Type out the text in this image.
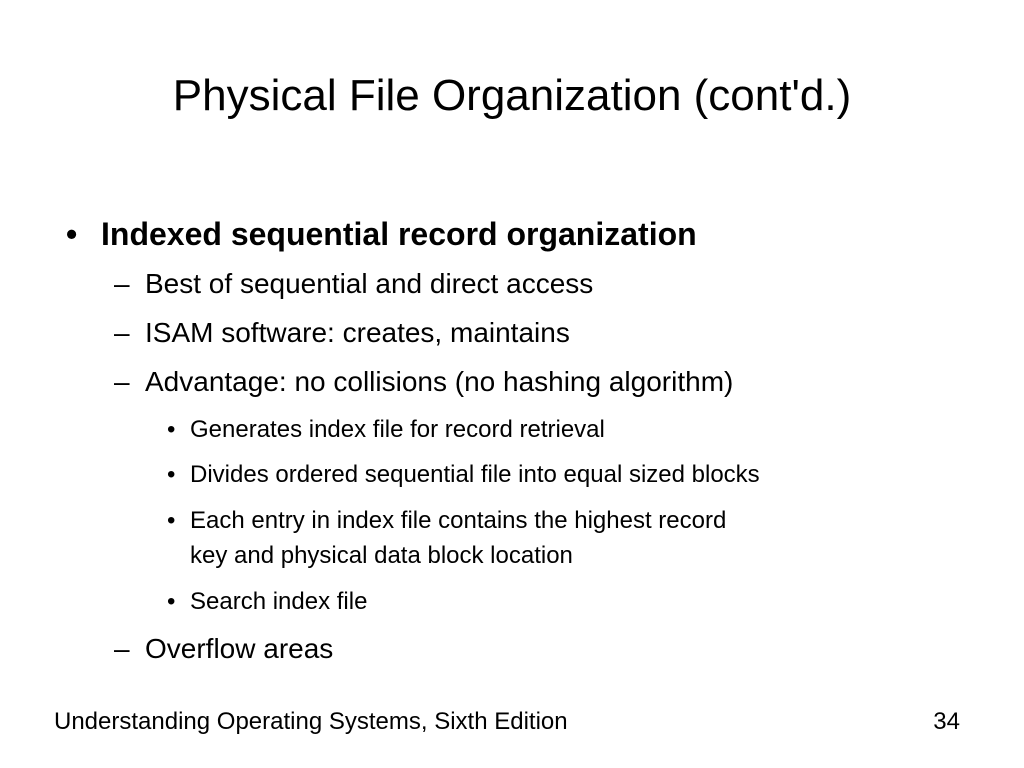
Physical File Organization (cont'd.)
• Indexed sequential record organization
– Best of sequential and direct access
– ISAM software: creates, maintains
– Advantage: no collisions (no hashing algorithm)
• Generates index file for record retrieval
• Divides ordered sequential file into equal sized blocks
• Each entry in index file contains the highest record
key and physical data block location
• Search index file
– Overflow areas
Understanding Operating Systems, Sixth Edition	34
